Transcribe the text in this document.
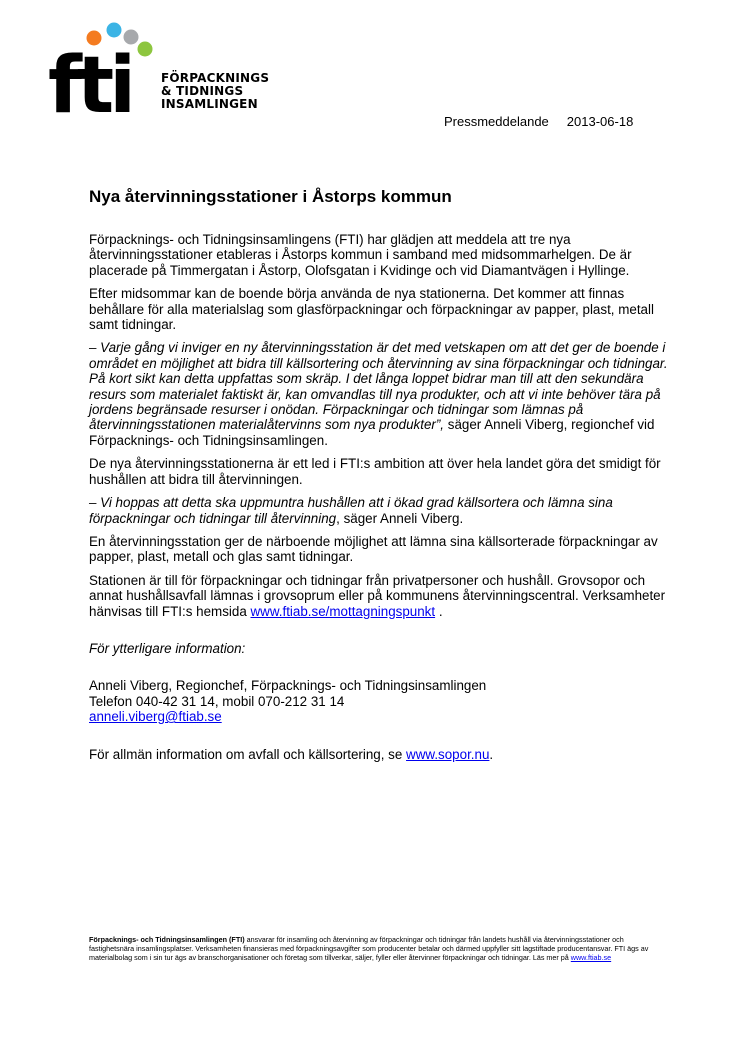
fti	FÖRPACKNINGS
& TIDNINGS
INSAMLINGEN
Pressmeddelande 2013-06-18
Nya återvinningsstationer i Åstorps kommun

Förpacknings- och Tidningsinsamlingens (FTI) har glädjen att meddela att tre nya återvinningsstationer etableras i Åstorps kommun i samband med midsommarhelgen. De är placerade på Timmergatan i Åstorp, Olofsgatan i Kvidinge och vid Diamantvägen i Hyllinge.

Efter midsommar kan de boende börja använda de nya stationerna. Det kommer att finnas behållare för alla materialslag som glasförpackningar och förpackningar av papper, plast, metall samt tidningar.

– Varje gång vi inviger en ny återvinningsstation är det med vetskapen om att det ger de boende i området en möjlighet att bidra till källsortering och återvinning av sina förpackningar och tidningar. På kort sikt kan detta uppfattas som skräp. I det långa loppet bidrar man till att den sekundära resurs som materialet faktiskt är, kan omvandlas till nya produkter, och att vi inte behöver tära på jordens begränsade resurser i onödan. Förpackningar och tidningar som lämnas på återvinningsstationen materialåtervinns som nya produkter”, säger Anneli Viberg, regionchef vid Förpacknings- och Tidningsinsamlingen.

De nya återvinningsstationerna är ett led i FTI:s ambition att över hela landet göra det smidigt för hushållen att bidra till återvinningen.

– Vi hoppas att detta ska uppmuntra hushållen att i ökad grad källsortera och lämna sina förpackningar och tidningar till återvinning, säger Anneli Viberg.

En återvinningsstation ger de närboende möjlighet att lämna sina källsorterade förpackningar av papper, plast, metall och glas samt tidningar.

Stationen är till för förpackningar och tidningar från privatpersoner och hushåll. Grovsopor och annat hushållsavfall lämnas i grovsoprum eller på kommunens återvinningscentral. Verksamheter hänvisas till FTI:s hemsida www.ftiab.se/mottagningspunkt .

För ytterligare information:

Anneli Viberg, Regionchef, Förpacknings- och Tidningsinsamlingen
Telefon 040-42 31 14, mobil 070-212 31 14
anneli.viberg@ftiab.se

För allmän information om avfall och källsortering, se www.sopor.nu.

Förpacknings- och Tidningsinsamlingen (FTI) ansvarar för insamling och återvinning av förpackningar och tidningar från landets hushåll via återvinningsstationer och fastighetsnära insamlingsplatser. Verksamheten finansieras med förpackningsavgifter som producenter betalar och därmed uppfyller sitt lagstiftade producentansvar. FTI ägs av materialbolag som i sin tur ägs av branschorganisationer och företag som tillverkar, säljer, fyller eller återvinner förpackningar och tidningar. Läs mer på www.ftiab.se
